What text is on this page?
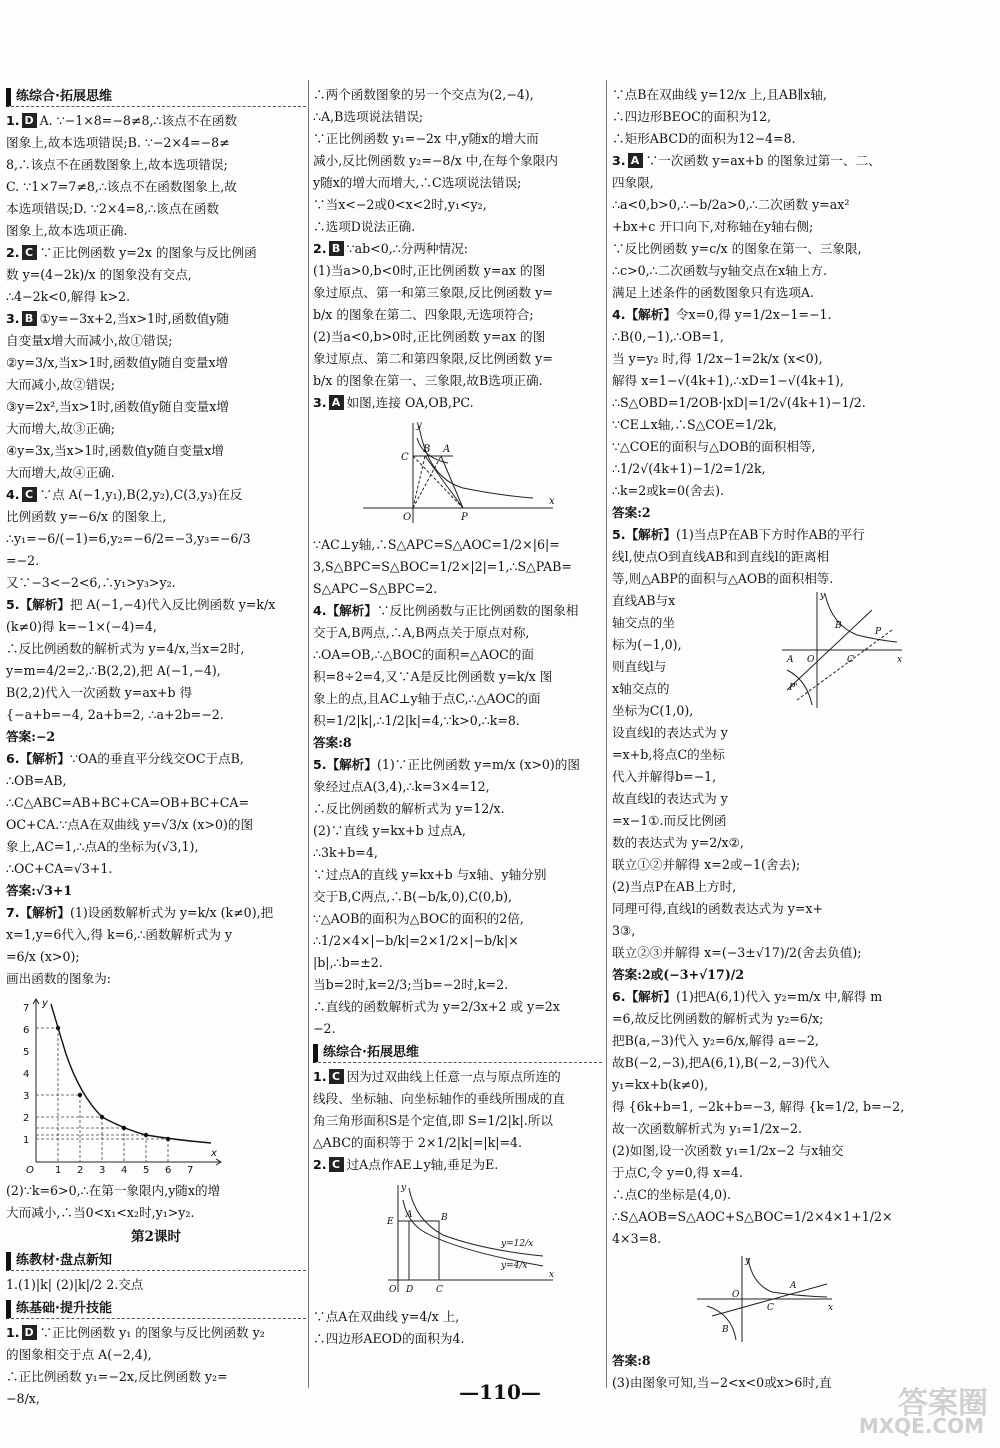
练综合·拓展思维
1. D A. ∵−1×8=−8≠8,∴该点不在函数
图象上,故本选项错误;B. ∵−2×4=−8≠
8,∴该点不在函数图象上,故本选项错误;
C. ∵1×7=7≠8,∴该点不在函数图象上,故
本选项错误;D. ∵2×4=8,∴该点在函数
图象上,故本选项正确.
2. C ∵正比例函数 y=2x 的图象与反比例函
数 y=(4−2k)/x 的图象没有交点,
∴4−2k<0,解得 k>2.
3. B ①y=−3x+2,当x>1时,函数值y随
自变量x增大而减小,故①错误;
②y=3/x,当x>1时,函数值y随自变量x增
大而减小,故②错误;
③y=2x²,当x>1时,函数值y随自变量x增
大而增大,故③正确;
④y=3x,当x>1时,函数值y随自变量x增
大而增大,故④正确.
4. C ∵点 A(−1,y₁),B(2,y₂),C(3,y₃)在反
比例函数 y=−6/x 的图象上,
∴y₁=−6/(−1)=6,y₂=−6/2=−3,y₃=−6/3
=−2.
又∵−3<−2<6,∴y₁>y₃>y₂.
5.【解析】把 A(−1,−4)代入反比例函数 y=k/x
(k≠0)得 k=−1×(−4)=4,
∴反比例函数的解析式为 y=4/x,当x=2时,
y=m=4/2=2,∴B(2,2),把 A(−1,−4),
B(2,2)代入一次函数 y=ax+b 得
{−a+b=−4, 2a+b=2, ∴a+2b=−2.
答案:−2
6.【解析】∵OA的垂直平分线交OC于点B,
∴OB=AB,
∴C△ABC=AB+BC+CA=OB+BC+CA=
OC+CA.∵点A在双曲线 y=√3/x (x>0)的图
象上,AC=1,∴点A的坐标为(√3,1),
∴OC+CA=√3+1.
答案:√3+1
7.【解析】(1)设函数解析式为 y=k/x (k≠0),把
x=1,y=6代入,得 k=6,∴函数解析式为 y
=6/x (x>0);
画出函数的图象为:
1
2
3
4
5
6
7
1 2 3 4 5 6 7
O
x
y
(2)∵k=6>0,∴在第一象限内,y随x的增
大而减小,∴当0<x₁<x₂时,y₁>y₂.
第2课时
练教材·盘点新知
1.(1)|k| (2)|k|/2 2.交点
练基础·提升技能
1. D ∵正比例函数 y₁ 的图象与反比例函数 y₂
的图象相交于点 A(−2,4),
∴正比例函数 y₁=−2x,反比例函数 y₂=
−8/x,
∴两个函数图象的另一个交点为(2,−4),
∴A,B选项说法错误;
∵正比例函数 y₁=−2x 中,y随x的增大而
减小,反比例函数 y₂=−8/x 中,在每个象限内
y随x的增大而增大,∴C选项说法错误;
∵当x<−2或0<x<2时,y₁<y₂,
∴选项D说法正确.
2. B ∵ab<0,∴分两种情况:
(1)当a>0,b<0时,正比例函数 y=ax 的图
象过原点、第一和第三象限,反比例函数 y=
b/x 的图象在第二、四象限,无选项符合;
(2)当a<0,b>0时,正比例函数 y=ax 的图
象过原点、第二和第四象限,反比例函数 y=
b/x 的图象在第一、三象限,故B选项正确.
3. A 如图,连接 OA,OB,PC.
C
B A
O	P
x
y
∵AC⊥y轴,∴S△APC=S△AOC=1/2×|6|=
3,S△BPC=S△BOC=1/2×|2|=1,∴S△PAB=
S△APC−S△BPC=2.
4.【解析】∵反比例函数与正比例函数的图象相
交于A,B两点,∴A,B两点关于原点对称,
∴OA=OB,∴△BOC的面积=△AOC的面
积=8÷2=4,又∵A是反比例函数 y=k/x 图
象上的点,且AC⊥y轴于点C,∴△AOC的面
积=1/2|k|,∴1/2|k|=4,∵k>0,∴k=8.
答案:8
5.【解析】(1)∵正比例函数 y=m/x (x>0)的图
象经过点A(3,4),∴k=3×4=12,
∴反比例函数的解析式为 y=12/x.
(2)∵直线 y=kx+b 过点A,
∴3k+b=4,
∵过点A的直线 y=kx+b 与x轴、y轴分别
交于B,C两点,∴B(−b/k,0),C(0,b),
∵△AOB的面积为△BOC的面积的2倍,
∴1/2×4×|−b/k|=2×1/2×|−b/k|×
|b|,∴b=±2.
当b=2时,k=2/3;当b=−2时,k=2.
∴直线的函数解析式为 y=2/3x+2 或 y=2x
−2.
练综合·拓展思维
1. C 因为过双曲线上任意一点与原点所连的
线段、坐标轴、向坐标轴作的垂线所围成的直
角三角形面积S是个定值,即 S=1/2|k|.所以
△ABC的面积等于 2×1/2|k|=|k|=4.
2. C 过A点作AE⊥y轴,垂足为E.
E
A	B
O D	C
x
y
y=12/x
y=4/x
∵点A在双曲线 y=4/x 上,
∴四边形AEOD的面积为4.
∵点B在双曲线 y=12/x 上,且AB∥x轴,
∴四边形BEOC的面积为12,
∴矩形ABCD的面积为12−4=8.
3. A ∵一次函数 y=ax+b 的图象过第一、二、
四象限,
∴a<0,b>0,∴−b/2a>0,∴二次函数 y=ax²
+bx+c 开口向下,对称轴在y轴右侧;
∵反比例函数 y=c/x 的图象在第一、三象限,
∴c>0,∴二次函数与y轴交点在x轴上方.
满足上述条件的函数图象只有选项A.
4.【解析】令x=0,得 y=1/2x−1=−1.
∴B(0,−1),∴OB=1,
当 y=y₂ 时,得 1/2x−1=2k/x (x<0),
解得 x=1−√(4k+1),∴xD=1−√(4k+1),
∴S△OBD=1/2OB·|xD|=1/2√(4k+1)−1/2.
∵CE⊥x轴,∴S△COE=1/2k,
∵△COE的面积与△DOB的面积相等,
∴1/2√(4k+1)−1/2=1/2k,
∴k=2或k=0(舍去).
答案:2
5.【解析】(1)当点P在AB下方时作AB的平行
线l,使点O到直线AB和到直线l的距离相
等,则△ABP的面积与△AOB的面积相等.
直线AB与x
轴交点的坐
标为(−1,0),
则直线l与
x轴交点的
坐标为C(1,0),
设直线l的表达式为 y
=x+b,将点C的坐标
y
B
P
A O	C	x
P'
代入并解得b=−1,
故直线l的表达式为 y
=x−1①.而反比例函
数的表达式为 y=2/x②,
联立①②并解得 x=2或−1(舍去);
(2)当点P在AB上方时,
同理可得,直线l的函数表达式为 y=x+
3③,
联立②③并解得 x=(−3±√17)/2(舍去负值);
答案:2或(−3+√17)/2
6.【解析】(1)把A(6,1)代入 y₂=m/x 中,解得 m
=6,故反比例函数的解析式为 y₂=6/x;
把B(a,−3)代入 y₂=6/x,解得 a=−2,
故B(−2,−3),把A(6,1),B(−2,−3)代入
y₁=kx+b(k≠0),
得 {6k+b=1, −2k+b=−3, 解得 {k=1/2, b=−2,
故一次函数解析式为 y₁=1/2x−2.
(2)如图,设一次函数 y₁=1/2x−2 与x轴交
于点C,令 y=0,得 x=4.
∴点C的坐标是(4,0).
∴S△AOB=S△AOC+S△BOC=1/2×4×1+1/2×
4×3=8.
y
A
O
C
B
x
答案:8
(3)由图象可知,当−2<x<0或x>6时,直
—110—	答案圈
MXQE.COM
